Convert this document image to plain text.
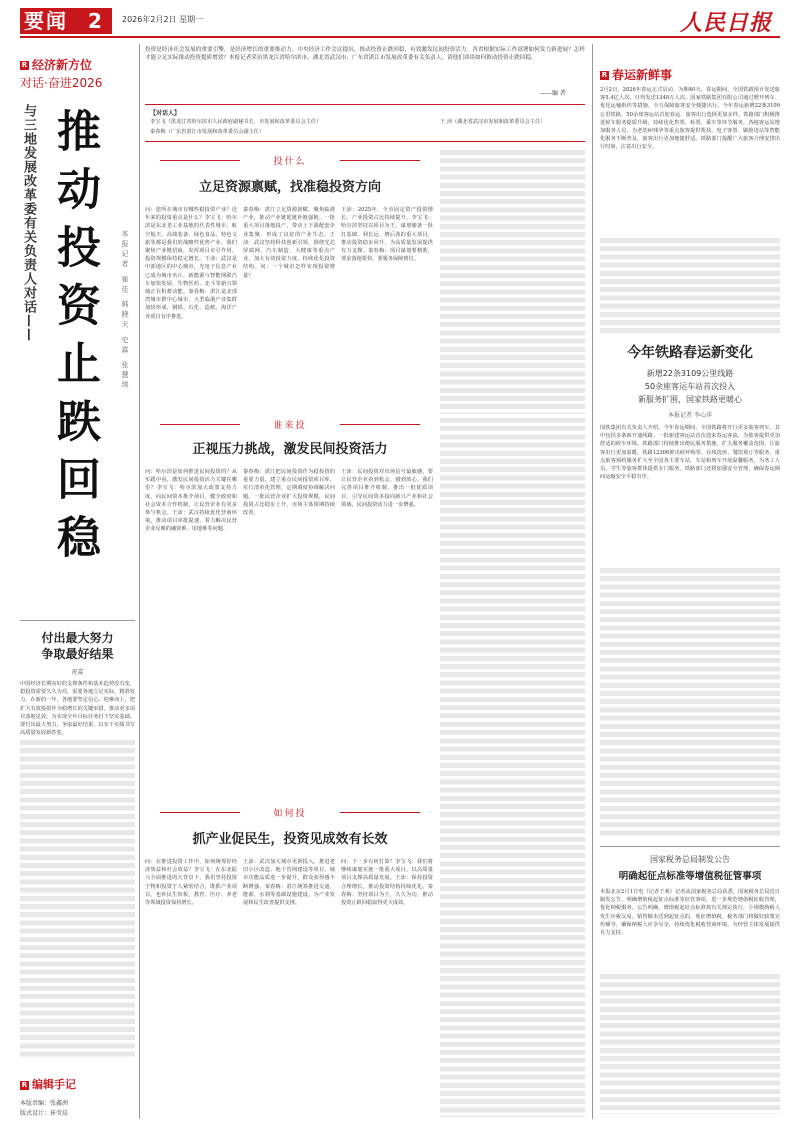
要闻 2	2026年2月2日 星期一	人民日报
R 经济新方位
对话·奋进2026
与三地发展改革委有关负责人对话—— 推动投资止跌回稳	本报记者 崔佳 韩晓天 史霖 张慧琪
付出最大努力
争取最好结果
祝嘉
中国经济长期向好的支撑条件和基本趋势没有变。稳投资需要久久为功，需要各地立足实际、精准发力。在新的一年，各地要坚定信心，迎难而上，把扩大有效投资作为稳增长的关键举措，推动更多项目落地见效，为实现全年目标任务打下坚实基础。要付出最大努力，争取最好结果，以实干实绩书写高质量发展新答卷。
R 编辑手记
本版责编：张鑫洲
版式设计：崔莹晨
投资是经济社会发展的重要引擎，是经济增长的重要推动力。中央经济工作会议提出，推动投资止跌回稳，有效激发民间投资活力。各省根据实际工作部署如何发力新进展？怎样才能立足实际推动投资提质增效？本报记者采访黑龙江省哈尔滨市、湖北省武汉市、广东省湛江市发展改革委有关负责人，请他们谈谈如何推动投资止跌回稳。
——编 者
【对话人】
李宝飞（黑龙江省哈尔滨市人民政府副秘书长、市发展和改革委员会主任）	王 沛（湖北省武汉市发展和改革委员会主任）
秦春梅（广东省湛江市发展和改革委员会副主任）
投什么
立足资源禀赋，找准稳投资方向
问：您所在城市有哪些稳投资产业？近年来的投资重点是什么？李宝飞：哈尔滨是东北老工业基地的代表性城市，航空航天、高端装备、绿色食品、特色文旅等都是我们的战略性优势产业。我们聚焦产业链招商，发挥项目牵引作用，投资规模保持稳定增长。王沛：武汉是中部地区的中心城市，光电子信息产业已成为城市名片。新能源与智能网联汽车加快发展，生物医药、北斗等新兴领域正在积蓄动能。秦春梅：湛江是北部湾城市群中心城市，大型临港产业集群加快形成，钢铁、石化、造纸、海洋产业项目有序推进。
秦春梅：湛江立足资源禀赋，聚焦临港产业，推动产业链延链补链强链。一批重大项目落地投产，带动上下游配套企业集聚，形成了良好的产业生态。王沛：武汉坚持科技创新引领，围绕光芯屏端网、汽车制造、大健康等重点产业，加大有效投资力度，持续优化投资结构。问：一个城市怎样实现投资增量？
王沛：2025年，全市固定资产投资增长，产业投资占比持续提升。李宝飞：哈尔滨坚持以项目为王，谋划储备一批打基础、利长远、增后劲的重大项目，推动投资稳步回升，为高质量发展提供有力支撑。秦春梅：项目谋划要精准，要求落地要快，要服务保障到位。
谁来投
正视压力挑战，激发民间投资活力
问：哈尔滨是如何推进民间投资的？从实践中看，激发民间投资活力关键在哪里？李宝飞：哈尔滨加大政策支持力度，向民间资本推介项目，健全政府和社会资本合作机制，让民营企业有更多参与机会。王沛：武汉持续优化营商环境，推动项目审批提速，着力解决民营企业反映的融资难、用地难等问题。
秦春梅：湛江把民间投资作为稳投资的重要力量，建立重点民间投资项目库，实行清单化管理，定期调度协调解决问题。一批民营企业扩大投资规模，民间投资占比稳步上升，市场主体预期持续改善。
王沛：民间投资对市场信号最敏感，要让民营企业看到机会、感到放心。我们完善项目推介机制，推出一批优质项目，引导民间资本投向新兴产业和社会领域，民间投资活力进一步增强。
如何投
抓产业促民生，投资见成效有长效
问：在推进投资工作中，如何统筹好经济效益和社会效益？李宝飞：在东北振兴全面推进的大背景下，我们坚持投资于物和投资于人紧密结合，既抓产业项目，也补民生短板，教育、医疗、养老等领域投资保持增长。
王沛：武汉加大城市更新投入，推进老旧小区改造、地下管网建设等项目，城市功能品质进一步提升，群众获得感不断增强。秦春梅：湛江统筹推进交通、能源、水利等基础设施建设，为产业发展和民生改善提供支撑。
问：下一步有何打算？李宝飞：我们将继续谋划实施一批重大项目，以高质量项目支撑高质量发展。王沛：保持投资合理增长，推动投资结构持续优化。秦春梅：坚持项目为王，久久为功，推动投资止跌回稳取得更大成效。
R 春运新鲜事
2月2日，2026年春运正式启动，为期40天。春运期间，全国铁路预计发送旅客5.4亿人次，日均发送1348万人次。国家铁路集团有限公司通过增开列车、优化运输组织等措施，全力保障旅客安全便捷出行。今年春运新增22条3109公里铁路，50余座客运站首迎春运，旅客出行选择更加多样。铁路部门积极推进候车服务提质升级，持续优化售票、检票、乘车等环节服务。各地客运站增加服务人员，为老幼病残孕等重点旅客提供帮扶。电子客票、刷脸进站等智能化服务不断普及，旅客出行更加便捷舒适。铁路部门提醒广大旅客合理安排出行时间，注意出行安全。
今年铁路春运新变化
新增22条3109公里线路
50余座客运车站首次投入
新服务扩围，国家铁路更暖心
本报记者 李心萍
国铁集团有关负责人介绍，今年春运期间，全国铁路将开行更多旅客列车，其中包括多条新开通线路。一批新建客运站首次迎来春运客流，为旅客提供更加舒适的候车环境。铁路部门持续推出便民服务措施，扩大服务覆盖范围，让旅客出行更加温暖。铁路12306推出候补购票、在线选座、餐饮预订等服务，重点旅客预约服务扩大至全国各主要车站。车站和列车开展温馨服务，为务工人员、学生等旅客群体提供专门服务。铁路部门还将加强安全管理，确保春运期间运输安全平稳有序。
国家税务总局制发公告
明确起征点标准等增值税征管事项
本报北京2月1日电（记者王观）记者从国家税务总局获悉，国家税务总局近日制发公告，明确增值税起征点标准等征管事项，进一步规范增值税征收管理，优化纳税服务。公告明确，增值税起征点标准按有关规定执行，小规模纳税人发生应税交易，销售额未达到起征点的，免征增值税。税务部门将做好政策宣传辅导，确保纳税人应享尽享，持续优化税收营商环境，为经营主体发展提供有力支持。
